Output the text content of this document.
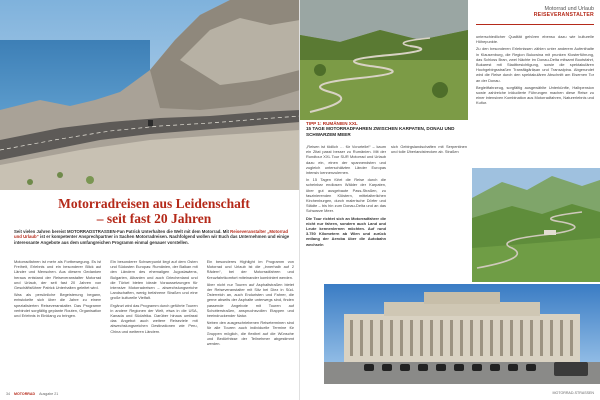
Motorradreisen aus Leidenschaft
– seit fast 20 Jahren
Seit vielen Jahren bereist MOTORRADSTRASSEN-Fan Patrick Unterhalten die Welt mit dem Motorrad. Mit Reiseveranstalter „Motorrad und Urlaub“ ist er kompetenter Ansprechpartner in Sachen Motorradreisen. Nachfolgend wollen wir Euch das Unternehmen und einige interessante Angebote aus dem umfangreichen Programm einmal genauer vorstellen.

Motorradfahren ist mehr als Fortbewegung. Es ist Freiheit, Erlebnis und ein besonderer Blick auf Länder und Menschen. Aus diesem Gedanken heraus entstand der Reiseveranstalter Motorrad und Urlaub, der seit fast 20 Jahren von Geschäftsführer Patrick Unterhalten geleitet wird.

Was als persönliche Begeisterung begann, entwickelte sich über die Jahre zu einem spezialisierten Reiseveranstalter. Das Programm verbindet sorgfältig geplante Routen, Organisation und Erlebnis in Einklang zu bringen.

Ein besonderer Schwerpunkt liegt auf dem Osten und Südosten Europas: Rumänien, der Balkan mit den Ländern des ehemaligen Jugoslawiens, Bulgarien, Albanien und auch Griechenland und die Türkei bieten ideale Voraussetzungen für intensive Motorradreisen – abwechslungsreiche Landschaften, wenig befahrene Straßen und eine große kulturelle Vielfalt.

Ergänzt wird das Programm durch geführte Touren in andere Regionen der Welt, etwa in die USA, Kanada und Südafrika. Darüber hinaus umfasst das Angebot auch weitere Reiseziele mit abwechslungsreichen Destinationen wie Peru, China und weiteren Ländern.

Ein besonderes Highlight im Programm von Motorrad und Urlaub ist die „Innerhalb auf 2 Rädern“, bei der Motorradfahren und Kreuzfahrtkomfort miteinander kombiniert werden.

Aber nicht nur Touren auf Asphaltstraßen bietet der Reiseveranstalter mit Sitz bei Diez in Süd-Österreich an, auch Enduristen und Fahrer, die gerne abseits der Asphalte unterwegs sind, finden passende Angebote mit Touren auf Schotterstraßen, anspruchsvollen Etappen und beeindruckender Natur.

Neben den ausgeschriebenen Reiseterminen sind für alle Touren auch individuelle Termine für Gruppen möglich, die flexibel auf die Wünsche und Bedürfnisse der Teilnehmer abgestimmt werden.

34 MOTORRAD Ausgabe 21
Motorrad und Urlaub
REISEVERANSTALTER
TIPP 1: RUMÄNIEN XXL
15 TAGE MOTORRADFAHREN ZWISCHEN KARPATEN, DONAU UND SCHWARZEM MEER

„Reisen ist tödlich … für Vorurteile!“ – kaum ein Zitat passt besser zu Rumänien. Mit der Rundtour XXL Tour SUR Motorrad und Urlaub dazu ein, einen der spannendsten und zugleich unterschätzten Länder Europas intensiv kennenzulernen.

In 15 Tagen führt die Reise durch die scheinbar endlosen Wälder der Karpaten, über gut ausgebaute Pass-Straßen, zu faszinierenden Klöstern, mittelalterlichen Kirchenburgen, durch malerische Dörfer und Städte – bis hin zum Donau-Delta und an das Schwarze Meer.

Die Tour richtet sich an Motorradfahrer die nicht nur fahren, sondern auch Land und Leute kennenlernen möchten. Auf rund 3.750 Kilometern ab Wien und zurück entlang der Aeroba über die Autobahn wechseln

sich Gebirgslandschaften mit Serpentinen und tolle Überlandstrecken ab. Straßen

unterschiedlicher Qualität gehören ebenso dazu wie kulturelle Höhepunkte.

Zu den besonderen Erlebnissen zählen unter anderem Aufenthalte in Klausenburg, die Region Bukowina mit prunken Klosterführung, das Schloss Bran, zwei Nächte im Donau-Delta mitsamt Bootsfahrt, Bukarest mit Stadtbesichtigung, sowie die spektakulären Hochgebirgsstraßen Transfăgărășan und Transalpina. Abgerundet wird die Reise durch den spektakulären Abschnitt am Eisernen Tor an der Donau.

Begleitfahrzeug, sorgfältig ausgewählte Unterkünfte, Halbpension sowie zahlreiche inkludierte Führungen machen diese Reise zu einer intensiven Kombination aus Motorradfahren, Naturerlebnis und Kultur.

MOTORRAD-STRASSEN
